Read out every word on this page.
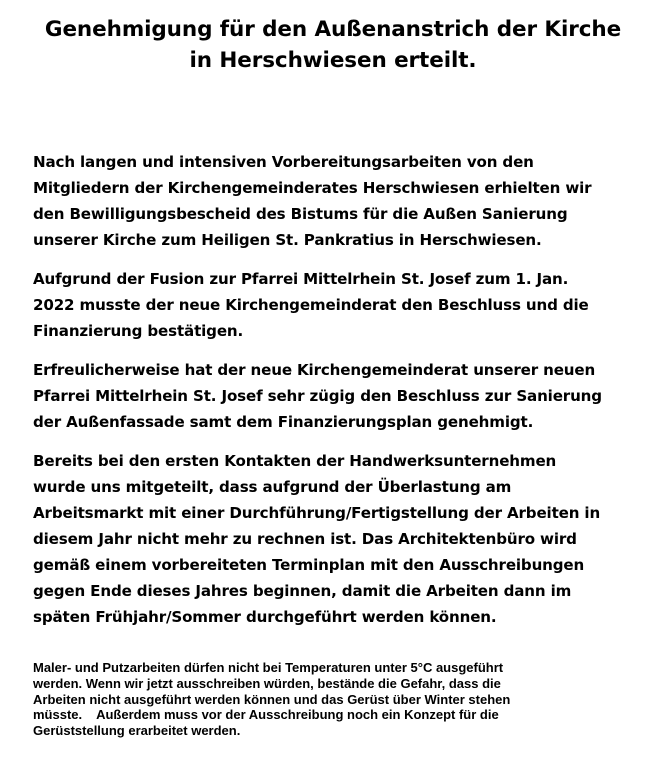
Genehmigung für den Außenanstrich der Kirche
in Herschwiesen erteilt.

Nach langen und intensiven Vorbereitungsarbeiten von den
Mitgliedern der Kirchengemeinderates Herschwiesen erhielten wir
den Bewilligungsbescheid des Bistums für die Außen Sanierung
unserer Kirche zum Heiligen St. Pankratius in Herschwiesen.

Aufgrund der Fusion zur Pfarrei Mittelrhein St. Josef zum 1. Jan.
2022 musste der neue Kirchengemeinderat den Beschluss und die
Finanzierung bestätigen.

Erfreulicherweise hat der neue Kirchengemeinderat unserer neuen
Pfarrei Mittelrhein St. Josef sehr zügig den Beschluss zur Sanierung
der Außenfassade samt dem Finanzierungsplan genehmigt.

Bereits bei den ersten Kontakten der Handwerksunternehmen
wurde uns mitgeteilt, dass aufgrund der Überlastung am
Arbeitsmarkt mit einer Durchführung/Fertigstellung der Arbeiten in
diesem Jahr nicht mehr zu rechnen ist. Das Architektenbüro wird
gemäß einem vorbereiteten Terminplan mit den Ausschreibungen
gegen Ende dieses Jahres beginnen, damit die Arbeiten dann im
späten Frühjahr/Sommer durchgeführt werden können.

Maler- und Putzarbeiten dürfen nicht bei Temperaturen unter 5°C ausgeführt
werden. Wenn wir jetzt ausschreiben würden, bestände die Gefahr, dass die
Arbeiten nicht ausgeführt werden können und das Gerüst über Winter stehen
müsste.    Außerdem muss vor der Ausschreibung noch ein Konzept für die
Gerüststellung erarbeitet werden.
